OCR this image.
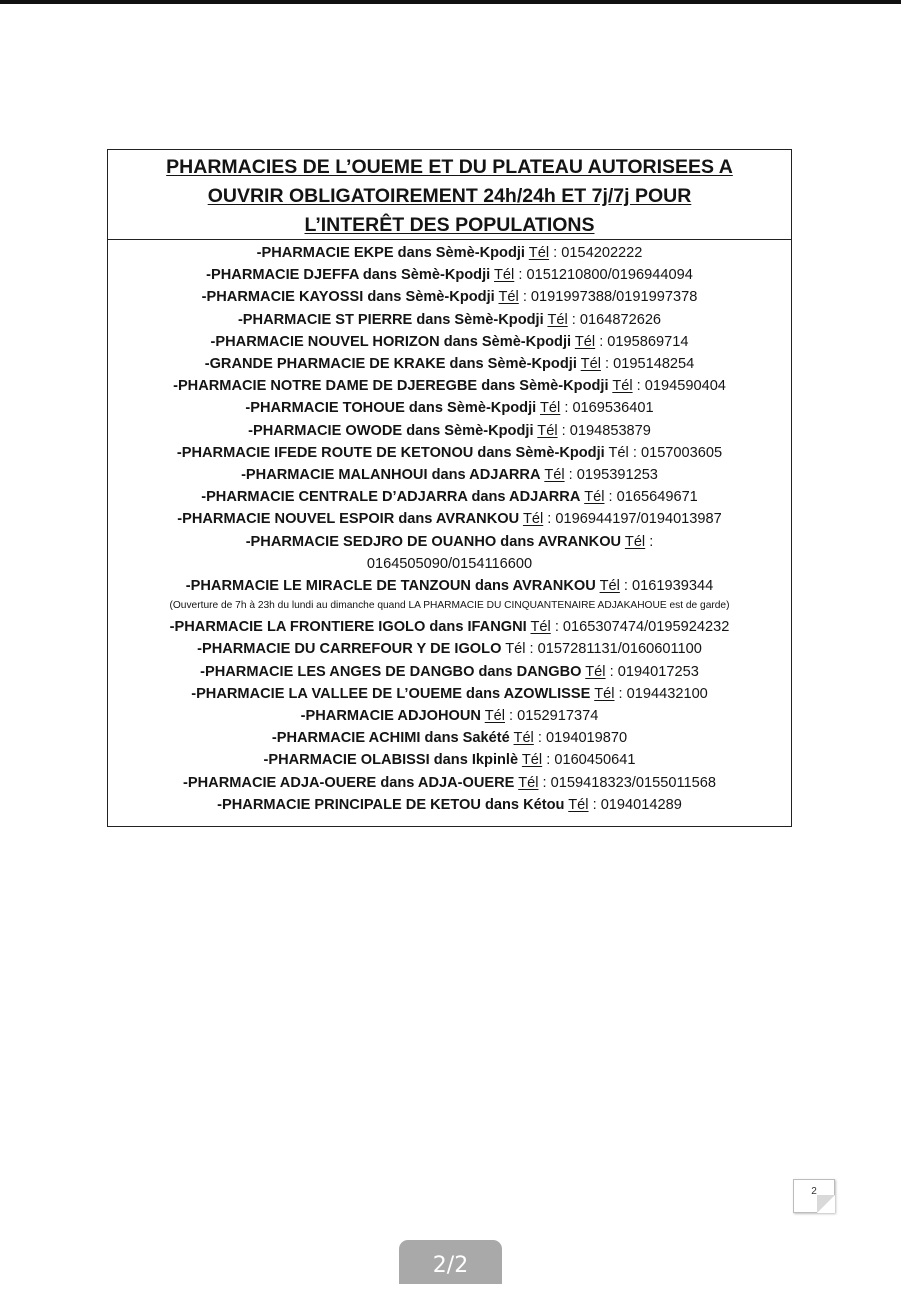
PHARMACIES DE L’OUEME ET DU PLATEAU AUTORISEES A
OUVRIR OBLIGATOIREMENT 24h/24h ET 7j/7j POUR
L’INTERÊT DES POPULATIONS
-PHARMACIE EKPE dans Sèmè-Kpodji Tél : 0154202222
-PHARMACIE DJEFFA dans Sèmè-Kpodji Tél : 0151210800/0196944094
-PHARMACIE KAYOSSI dans Sèmè-Kpodji Tél : 0191997388/0191997378
-PHARMACIE ST PIERRE dans Sèmè-Kpodji Tél : 0164872626
-PHARMACIE NOUVEL HORIZON dans Sèmè-Kpodji Tél : 0195869714
-GRANDE PHARMACIE DE KRAKE dans Sèmè-Kpodji Tél : 0195148254
-PHARMACIE NOTRE DAME DE DJEREGBE dans Sèmè-Kpodji Tél : 0194590404
-PHARMACIE TOHOUE dans Sèmè-Kpodji Tél : 0169536401
-PHARMACIE OWODE dans Sèmè-Kpodji Tél : 0194853879
-PHARMACIE IFEDE ROUTE DE KETONOU dans Sèmè-Kpodji Tél : 0157003605
-PHARMACIE MALANHOUI dans ADJARRA Tél : 0195391253
-PHARMACIE CENTRALE D’ADJARRA dans ADJARRA Tél : 0165649671
-PHARMACIE NOUVEL ESPOIR dans AVRANKOU Tél : 0196944197/0194013987
-PHARMACIE SEDJRO DE OUANHO dans AVRANKOU Tél :
0164505090/0154116600
-PHARMACIE LE MIRACLE DE TANZOUN dans AVRANKOU Tél : 0161939344
(Ouverture de 7h à 23h du lundi au dimanche quand LA PHARMACIE DU CINQUANTENAIRE ADJAKAHOUE est de garde)
-PHARMACIE LA FRONTIERE IGOLO dans IFANGNI Tél : 0165307474/0195924232
-PHARMACIE DU CARREFOUR Y DE IGOLO Tél : 0157281131/0160601100
-PHARMACIE LES ANGES DE DANGBO dans DANGBO Tél : 0194017253
-PHARMACIE LA VALLEE DE L’OUEME dans AZOWLISSE Tél : 0194432100
-PHARMACIE ADJOHOUN Tél : 0152917374
-PHARMACIE ACHIMI dans Sakété Tél : 0194019870
-PHARMACIE OLABISSI dans Ikpinlè Tél : 0160450641
-PHARMACIE ADJA-OUERE dans ADJA-OUERE Tél : 0159418323/0155011568
-PHARMACIE PRINCIPALE DE KETOU dans Kétou Tél : 0194014289
2
2/2
